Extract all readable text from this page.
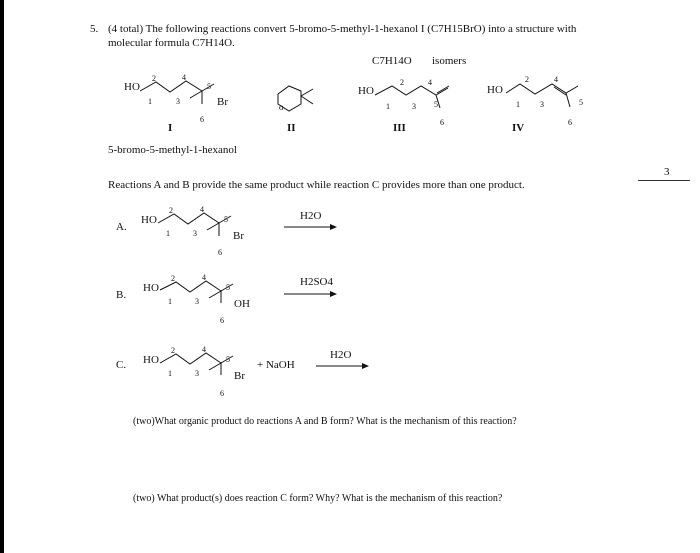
5. (4 total) The following reactions convert 5-bromo-5-methyl-1-hexanol I (C7H15BrO) into a structure with
molecular formula C7H14O.
C7H14O isomers
o
HO
Br
2	4
1	3
5
6
I
5-bromo-5-methyl-1-hexanol
II
HO
2	4
1	3 5
6
III
HO
2	4
1	3	5
6
IV
3
Reactions A and B provide the same product while reaction C provides more than one product.
A.
HO
Br
2	4
1	3
5
6
H2O
B.
HO
OH
2	4
1	3
5
6
H2SO4
C. HO
Br
2	4
1	3
5
6
+ NaOH
H2O
(two)What organic product do reactions A and B form? What is the mechanism of this reaction?
(two) What product(s) does reaction C form? Why? What is the mechanism of this reaction?
